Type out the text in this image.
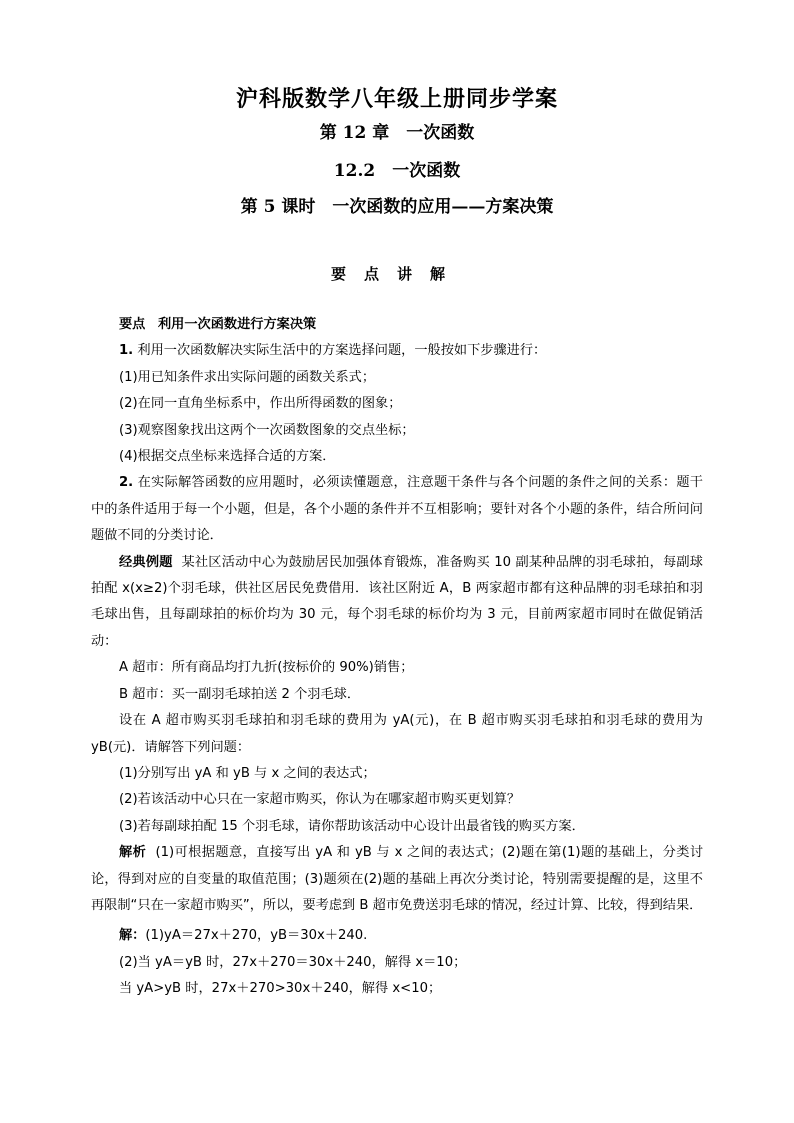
沪科版数学八年级上册同步学案
第 12 章　一次函数
12.2　一次函数
第 5 课时　一次函数的应用——方案决策
要点讲解

要点 利用一次函数进行方案决策

1. 利用一次函数解决实际生活中的方案选择问题，一般按如下步骤进行：

(1)用已知条件求出实际问题的函数关系式；

(2)在同一直角坐标系中，作出所得函数的图象；

(3)观察图象找出这两个一次函数图象的交点坐标；

(4)根据交点坐标来选择合适的方案．

2. 在实际解答函数的应用题时，必须读懂题意，注意题干条件与各个问题的条件之间的关系：题干中的条件适用于每一个小题，但是，各个小题的条件并不互相影响；要针对各个小题的条件，结合所问问题做不同的分类讨论．

经典例题 某社区活动中心为鼓励居民加强体育锻炼，准备购买 10 副某种品牌的羽毛球拍，每副球拍配 x(x≥2)个羽毛球，供社区居民免费借用．该社区附近 A，B 两家超市都有这种品牌的羽毛球拍和羽毛球出售，且每副球拍的标价均为 30 元，每个羽毛球的标价均为 3 元，目前两家超市同时在做促销活动：

A 超市：所有商品均打九折(按标价的 90%)销售；

B 超市：买一副羽毛球拍送 2 个羽毛球．

设在 A 超市购买羽毛球拍和羽毛球的费用为 yA(元)，在 B 超市购买羽毛球拍和羽毛球的费用为 yB(元)．请解答下列问题：

(1)分别写出 yA 和 yB 与 x 之间的表达式；

(2)若该活动中心只在一家超市购买，你认为在哪家超市购买更划算？

(3)若每副球拍配 15 个羽毛球，请你帮助该活动中心设计出最省钱的购买方案．

解析 (1)可根据题意，直接写出 yA 和 yB 与 x 之间的表达式；(2)题在第(1)题的基础上，分类讨论，得到对应的自变量的取值范围；(3)题须在(2)题的基础上再次分类讨论，特别需要提醒的是，这里不再限制“只在一家超市购买”，所以，要考虑到 B 超市免费送羽毛球的情况，经过计算、比较，得到结果．

解：(1)yA＝27x＋270，yB＝30x＋240.

(2)当 yA＝yB 时，27x＋270＝30x＋240，解得 x＝10；

当 yA>yB 时，27x＋270>30x＋240，解得 x<10；
